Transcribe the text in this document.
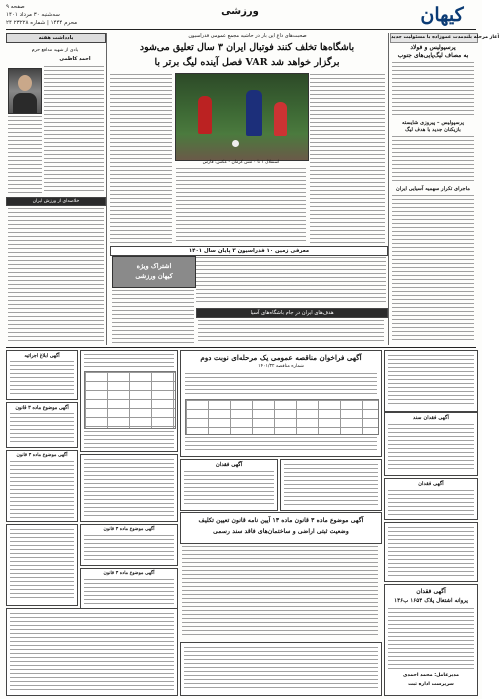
کیهان
ورزشی
صفحه ۹
سه‌شنبه ۳۰ مرداد ۱۴۰۱
۲۴ محرم ۱۴۴۴ | شماره ۲۳۲۲۸
آغاز مرحله بلندمدت عموزاده با مسئولیت جدید
پرسپولیس و فولاد
به مصاف لیگ‌پایی‌های جنوب
پرسپولیس – پیروزی شایسته
بازیکنان جدید با هدف لیگ
ماجرای تکرار سهمیه آسیایی ایران
صحبت‌های داغ این بار در حاشیه مجمع عمومی فدراسیون
باشگاه‌ها تخلف کنند فوتبال ایران ۳ سال تعلیق می‌شود
فصل آینده لیگ برتر با VAR برگزار خواهد شد
استقلال ۱ تا ۰ مس کرمان - عکس: فارس
یادداشت هفته
احمد کاظمی
یادی از شهید مدافع حرم
خلاصه‌ای از ورزش ایران
معرفی زمین ۱۰ فدراسیون ۳ پایان سال ۱۴۰۱
اشتراک ویژه
کیهان ورزشی
هدف‌های ایران در جام باشگاه‌های آسیا
آگهی فراخوان مناقصه عمومی یک مرحله‌ای نوبت دوم
شماره مناقصه ۱۴۰۱/۳۲
آگهی فقدان سند
آگهی ابلاغ اجرائیه
آگهی موضوع ماده ۳ قانون
آگهی فقدان
آگهی موضوع ماده ۳ قانون ماده ۱۳ آیین نامه قانون تعیین تکلیف
وضعیت ثبتی اراضی و ساختمان‌های فاقد سند رسمی
آگهی موضوع ماده ۳ قانون
آگهی موضوع ماده ۳ قانون
آگهی موضوع ماده ۳ قانون
آگهی فقدان
آگهی فقدان
پروانه اشتغال پلاک ۱۶۵۴ ب۱۴۶
مدیرعامل: محمد احمدی
سرپرست اداره ثبت
